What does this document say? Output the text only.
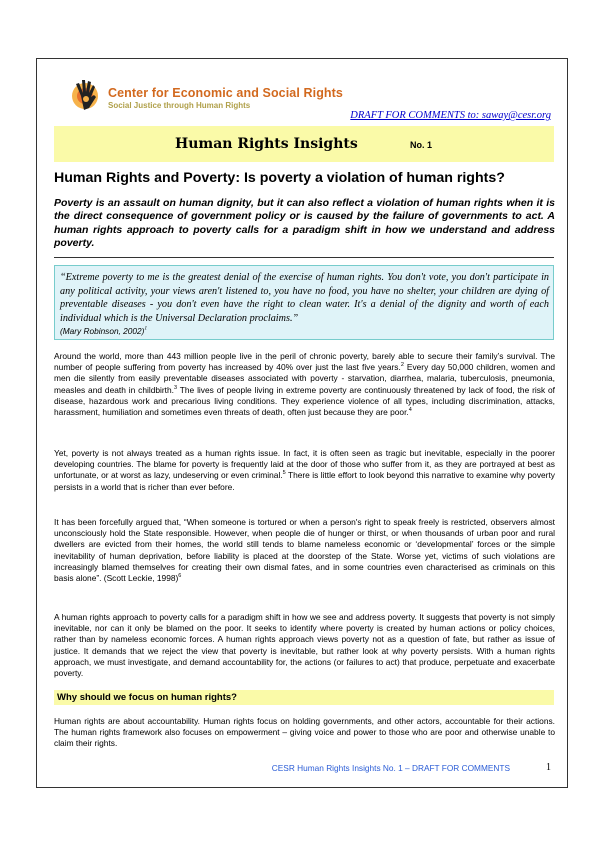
Center for Economic and Social Rights
Social Justice through Human Rights
DRAFT FOR COMMENTS to: saway@cesr.org
Human Rights Insights	No. 1
Human Rights and Poverty: Is poverty a violation of human rights?

Poverty is an assault on human dignity, but it can also reflect a violation of human rights when it is the direct consequence of government policy or is caused by the failure of governments to act. A human rights approach to poverty calls for a paradigm shift in how we understand and address poverty.

“Extreme poverty to me is the greatest denial of the exercise of human rights. You don't vote, you don't participate in any political activity, your views aren't listened to, you have no food, you have no shelter, your children are dying of preventable diseases - you don't even have the right to clean water. It's a denial of the dignity and worth of each individual which is the Universal Declaration proclaims.”
(Mary Robinson, 2002)$^1$

Around the world, more than 443 million people live in the peril of chronic poverty, barely able to secure their family’s survival. The number of people suffering from poverty has increased by 40% over just the last five years.$^2$ Every day 50,000 children, women and men die silently from easily preventable diseases associated with poverty - starvation, diarrhea, malaria, tuberculosis, pneumonia, measles and death in childbirth.$^3$ The lives of people living in extreme poverty are continuously threatened by lack of food, the risk of disease, hazardous work and precarious living conditions. They experience violence of all types, including discrimination, attacks, harassment, humiliation and sometimes even threats of death, often just because they are poor.$^4$

Yet, poverty is not always treated as a human rights issue. In fact, it is often seen as tragic but inevitable, especially in the poorer developing countries. The blame for poverty is frequently laid at the door of those who suffer from it, as they are portrayed at best as unfortunate, or at worst as lazy, undeserving or even criminal.$^5$ There is little effort to look beyond this narrative to examine why poverty persists in a world that is richer than ever before.

It has been forcefully argued that, “When someone is tortured or when a person's right to speak freely is restricted, observers almost unconsciously hold the State responsible. However, when people die of hunger or thirst, or when thousands of urban poor and rural dwellers are evicted from their homes, the world still tends to blame nameless economic or ‘developmental’ forces or the simple inevitability of human deprivation, before liability is placed at the doorstep of the State. Worse yet, victims of such violations are increasingly blamed themselves for creating their own dismal fates, and in some countries even characterised as criminals on this basis alone”. (Scott Leckie, 1998)$^6$

A human rights approach to poverty calls for a paradigm shift in how we see and address poverty. It suggests that poverty is not simply inevitable, nor can it only be blamed on the poor. It seeks to identify where poverty is created by human actions or policy choices, rather than by nameless economic forces. A human rights approach views poverty not as a question of fate, but rather as issue of justice. It demands that we reject the view that poverty is inevitable, but rather look at why poverty persists. With a human rights approach, we must investigate, and demand accountability for, the actions (or failures to act) that produce, perpetuate and exacerbate poverty.

Why should we focus on human rights?

Human rights are about accountability. Human rights focus on holding governments, and other actors, accountable for their actions. The human rights framework also focuses on empowerment – giving voice and power to those who are poor and otherwise unable to claim their rights.

CESR Human Rights Insights No. 1 – DRAFT FOR COMMENTS	1
